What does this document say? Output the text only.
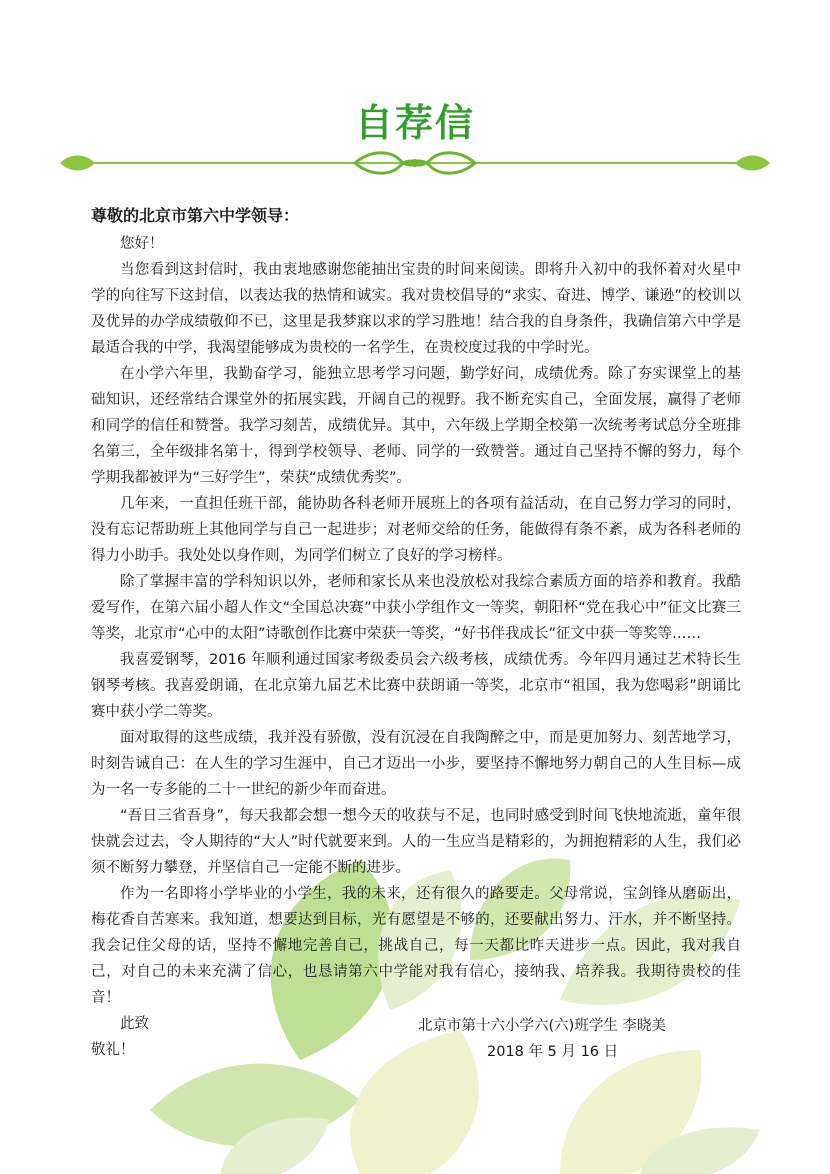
自荐信
尊敬的北京市第六中学领导：

您好！

当您看到这封信时，我由衷地感谢您能抽出宝贵的时间来阅读。即将升入初中的我怀着对火星中学的向往写下这封信，以表达我的热情和诚实。我对贵校倡导的“求实、奋进、博学、谦逊”的校训以及优异的办学成绩敬仰不已，这里是我梦寐以求的学习胜地！结合我的自身条件，我确信第六中学是最适合我的中学，我渴望能够成为贵校的一名学生，在贵校度过我的中学时光。

在小学六年里，我勤奋学习，能独立思考学习问题，勤学好问，成绩优秀。除了夯实课堂上的基础知识，还经常结合课堂外的拓展实践，开阔自己的视野。我不断充实自己，全面发展，赢得了老师和同学的信任和赞誉。我学习刻苦，成绩优异。其中，六年级上学期全校第一次统考考试总分全班排名第三，全年级排名第十，得到学校领导、老师、同学的一致赞誉。通过自己坚持不懈的努力，每个学期我都被评为“三好学生”，荣获“成绩优秀奖”。

几年来，一直担任班干部，能协助各科老师开展班上的各项有益活动，在自己努力学习的同时，没有忘记帮助班上其他同学与自己一起进步；对老师交给的任务，能做得有条不紊，成为各科老师的得力小助手。我处处以身作则，为同学们树立了良好的学习榜样。

除了掌握丰富的学科知识以外，老师和家长从来也没放松对我综合素质方面的培养和教育。我酷爱写作，在第六届小超人作文“全国总决赛”中获小学组作文一等奖，朝阳杯“党在我心中”征文比赛三等奖，北京市“心中的太阳”诗歌创作比赛中荣获一等奖，“好书伴我成长”征文中获一等奖等……

我喜爱钢琴，2016 年顺利通过国家考级委员会六级考核，成绩优秀。今年四月通过艺术特长生钢琴考核。我喜爱朗诵，在北京第九届艺术比赛中获朗诵一等奖，北京市“祖国，我为您喝彩”朗诵比赛中获小学二等奖。

面对取得的这些成绩，我并没有骄傲，没有沉浸在自我陶醉之中，而是更加努力、刻苦地学习，时刻告诫自己：在人生的学习生涯中，自己才迈出一小步，要坚持不懈地努力朝自己的人生目标—成为一名一专多能的二十一世纪的新少年而奋进。

“吾日三省吾身”，每天我都会想一想今天的收获与不足，也同时感受到时间飞快地流逝，童年很快就会过去，令人期待的“大人”时代就要来到。人的一生应当是精彩的，为拥抱精彩的人生，我们必须不断努力攀登，并坚信自己一定能不断的进步。

作为一名即将小学毕业的小学生，我的未来，还有很久的路要走。父母常说，宝剑锋从磨砺出，梅花香自苦寒来。我知道，想要达到目标，光有愿望是不够的，还要献出努力、汗水，并不断坚持。我会记住父母的话，坚持不懈地完善自己，挑战自己，每一天都比昨天进步一点。因此，我对我自己，对自己的未来充满了信心，也恳请第六中学能对我有信心，接纳我、培养我。我期待贵校的佳音！

此致

敬礼！

北京市第十六小学六(六)班学生 李晓美
2018 年 5 月 16 日
